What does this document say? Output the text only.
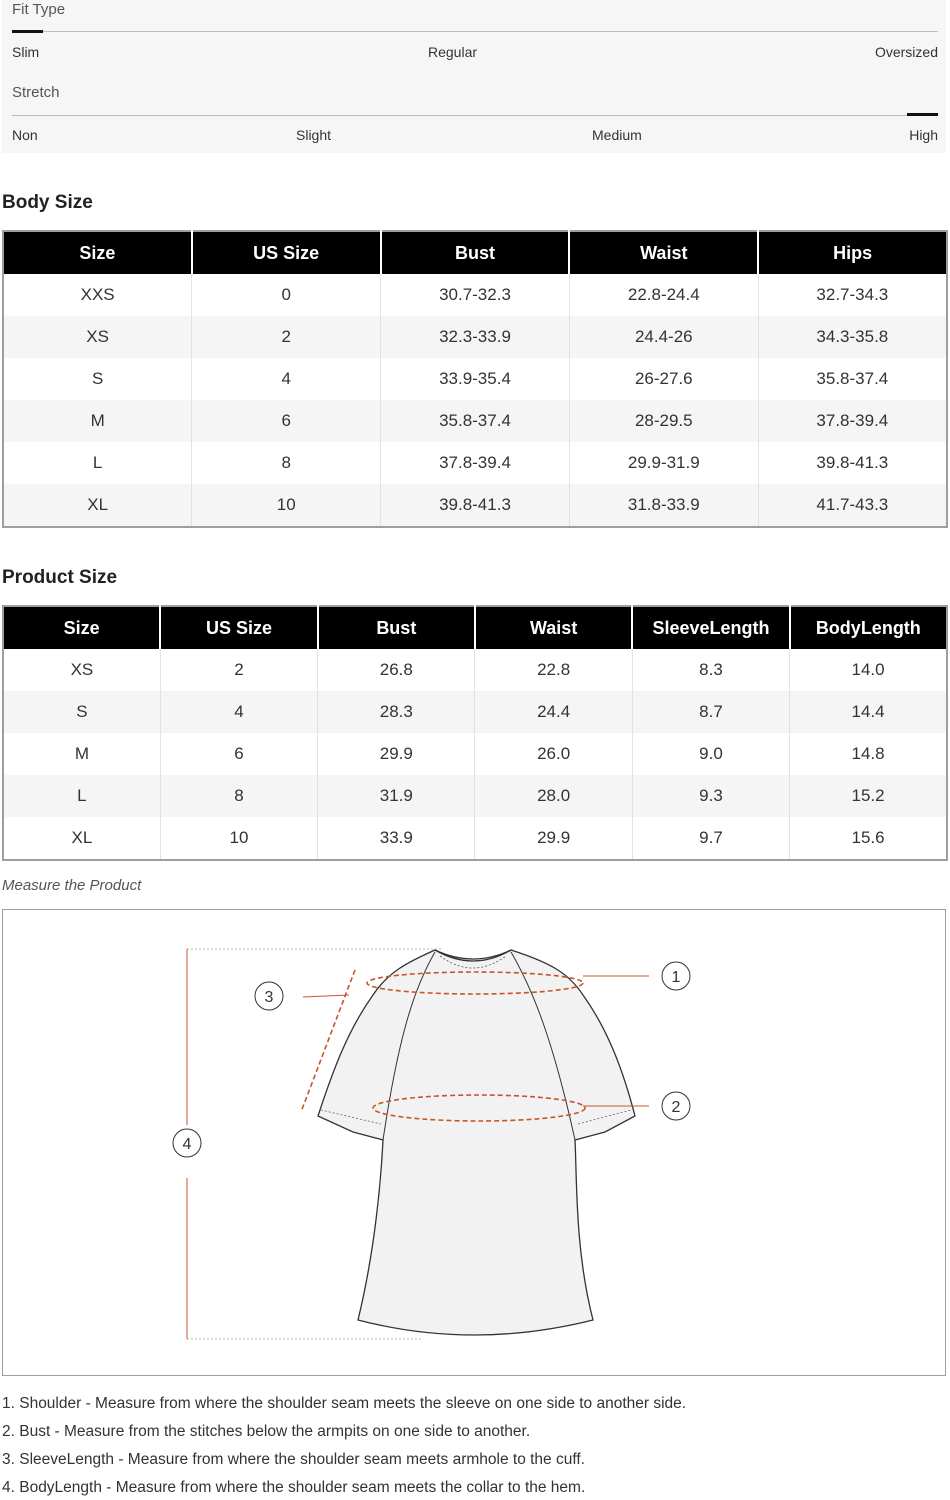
Fit Type
Slim	Regular	Oversized
Stretch
Non	Slight	Medium	High
Body Size
Size	US Size	Bust	Waist	Hips
XXS	0	30.7-32.3	22.8-24.4	32.7-34.3
XS	2	32.3-33.9	24.4-26	34.3-35.8
S	4	33.9-35.4	26-27.6	35.8-37.4
M	6	35.8-37.4	28-29.5	37.8-39.4
L	8	37.8-39.4	29.9-31.9	39.8-41.3
XL	10	39.8-41.3	31.8-33.9	41.7-43.3
Product Size
Size	US Size	Bust	Waist	SleeveLength	BodyLength
XS	2	26.8	22.8	8.3	14.0
S	4	28.3	24.4	8.7	14.4
M	6	29.9	26.0	9.0	14.8
L	8	31.9	28.0	9.3	15.2
XL	10	33.9	29.9	9.7	15.6
Measure the Product
1
2
3
4
1. Shoulder - Measure from where the shoulder seam meets the sleeve on one side to another side.
2. Bust - Measure from the stitches below the armpits on one side to another.
3. SleeveLength - Measure from where the shoulder seam meets armhole to the cuff.
4. BodyLength - Measure from where the shoulder seam meets the collar to the hem.
